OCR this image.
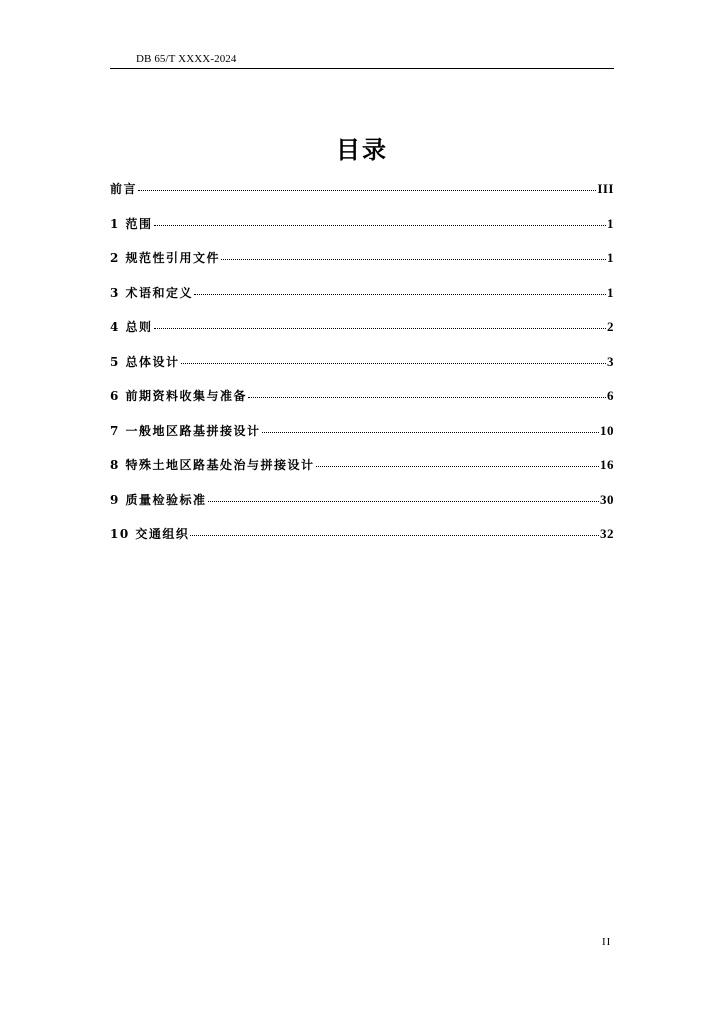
DB 65/T XXXX-2024
目录
前言	III
1 范围	1
2 规范性引用文件	1
3 术语和定义	1
4 总则	2
5 总体设计	3
6 前期资料收集与准备	6
7 一般地区路基拼接设计	10
8 特殊土地区路基处治与拼接设计	16
9 质量检验标准	30
10 交通组织	32
II
